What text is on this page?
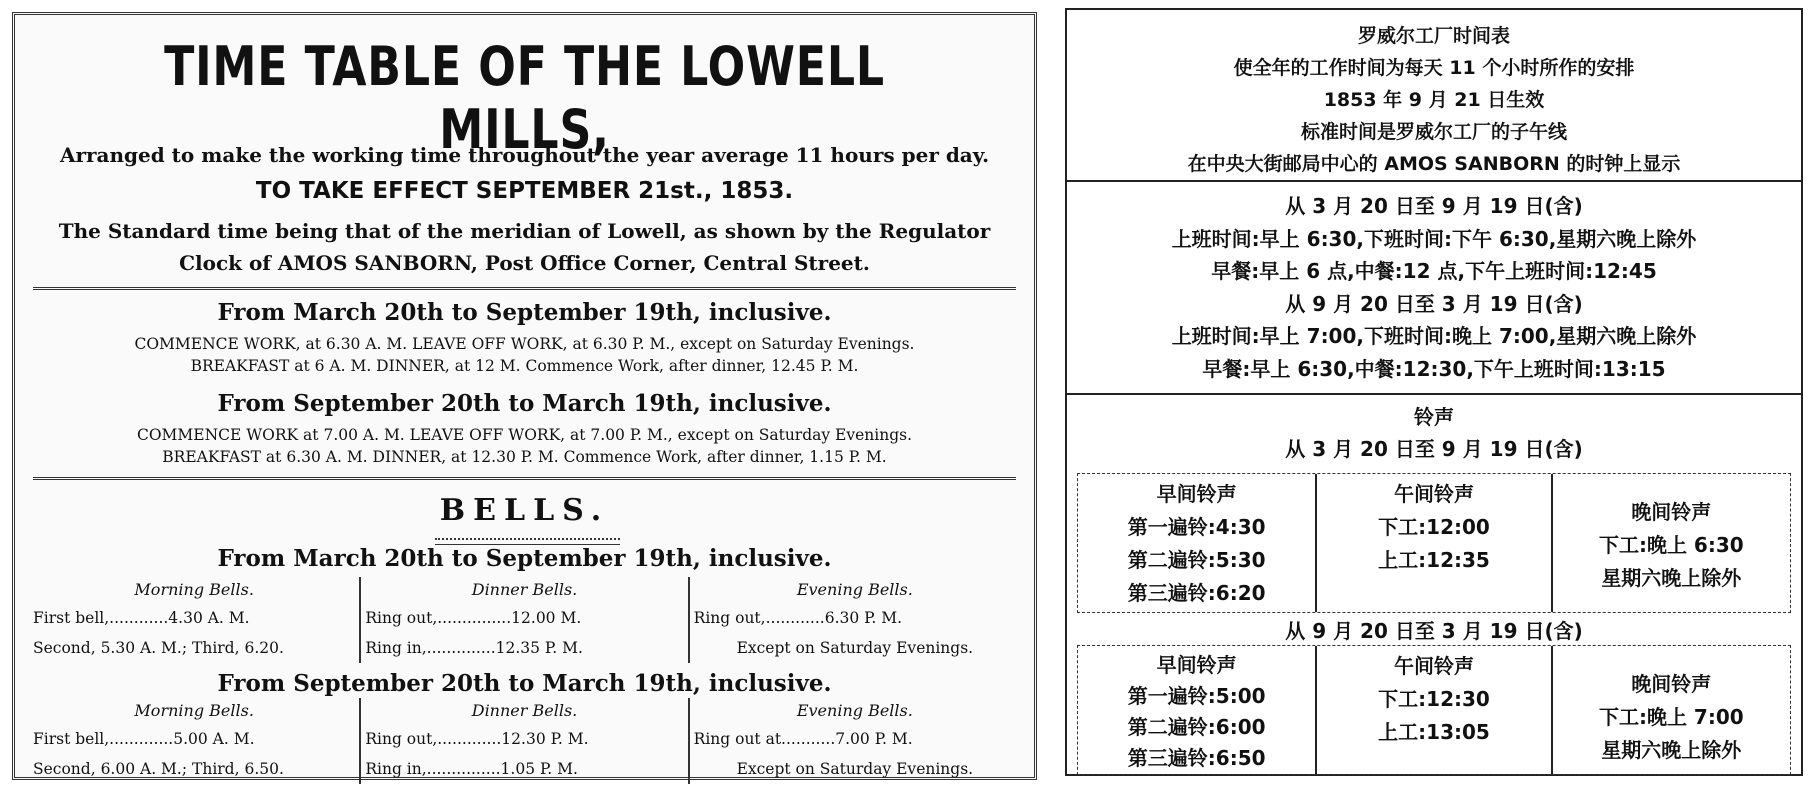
TIME TABLE OF THE LOWELL MILLS,
Arranged to make the working time throughout the year average 11 hours per day.
TO TAKE EFFECT SEPTEMBER 21st., 1853.
The Standard time being that of the meridian of Lowell, as shown by the Regulator
Clock of AMOS SANBORN, Post Office Corner, Central Street.
From March 20th to September 19th, inclusive.
COMMENCE WORK, at 6.30 A. M. LEAVE OFF WORK, at 6.30 P. M., except on Saturday Evenings.
BREAKFAST at 6 A. M. DINNER, at 12 M. Commence Work, after dinner, 12.45 P. M.
From September 20th to March 19th, inclusive.
COMMENCE WORK at 7.00 A. M. LEAVE OFF WORK, at 7.00 P. M., except on Saturday Evenings.
BREAKFAST at 6.30 A. M. DINNER, at 12.30 P. M. Commence Work, after dinner, 1.15 P. M.
BELLS.
From March 20th to September 19th, inclusive.
Morning Bells.
First bell,............4.30 A. M.
Second, 5.30 A. M.; Third, 6.20.
Dinner Bells.
Ring out,...............12.00 M.
Ring in,..............12.35 P. M.
Evening Bells.
Ring out,............6.30 P. M.
Except on Saturday Evenings.
From September 20th to March 19th, inclusive.
Morning Bells.
First bell,.............5.00 A. M.
Second, 6.00 A. M.; Third, 6.50.
Dinner Bells.
Ring out,.............12.30 P. M.
Ring in,...............1.05 P. M.
Evening Bells.
Ring out at...........7.00 P. M.
Except on Saturday Evenings.
罗威尔工厂时间表
使全年的工作时间为每天 11 个小时所作的安排
1853 年 9 月 21 日生效
标准时间是罗威尔工厂的子午线
在中央大街邮局中心的 AMOS SANBORN 的时钟上显示
从 3 月 20 日至 9 月 19 日(含)
上班时间:早上 6:30,下班时间:下午 6:30,星期六晚上除外
早餐:早上 6 点,中餐:12 点,下午上班时间:12:45
从 9 月 20 日至 3 月 19 日(含)
上班时间:早上 7:00,下班时间:晚上 7:00,星期六晚上除外
早餐:早上 6:30,中餐:12:30,下午上班时间:13:15
铃声
从 3 月 20 日至 9 月 19 日(含)
早间铃声
第一遍铃:4:30
第二遍铃:5:30
第三遍铃:6:20
午间铃声
下工:12:00
上工:12:35
晚间铃声
下工:晚上 6:30
星期六晚上除外
从 9 月 20 日至 3 月 19 日(含)
早间铃声
第一遍铃:5:00
第二遍铃:6:00
第三遍铃:6:50
午间铃声
下工:12:30
上工:13:05
晚间铃声
下工:晚上 7:00
星期六晚上除外
